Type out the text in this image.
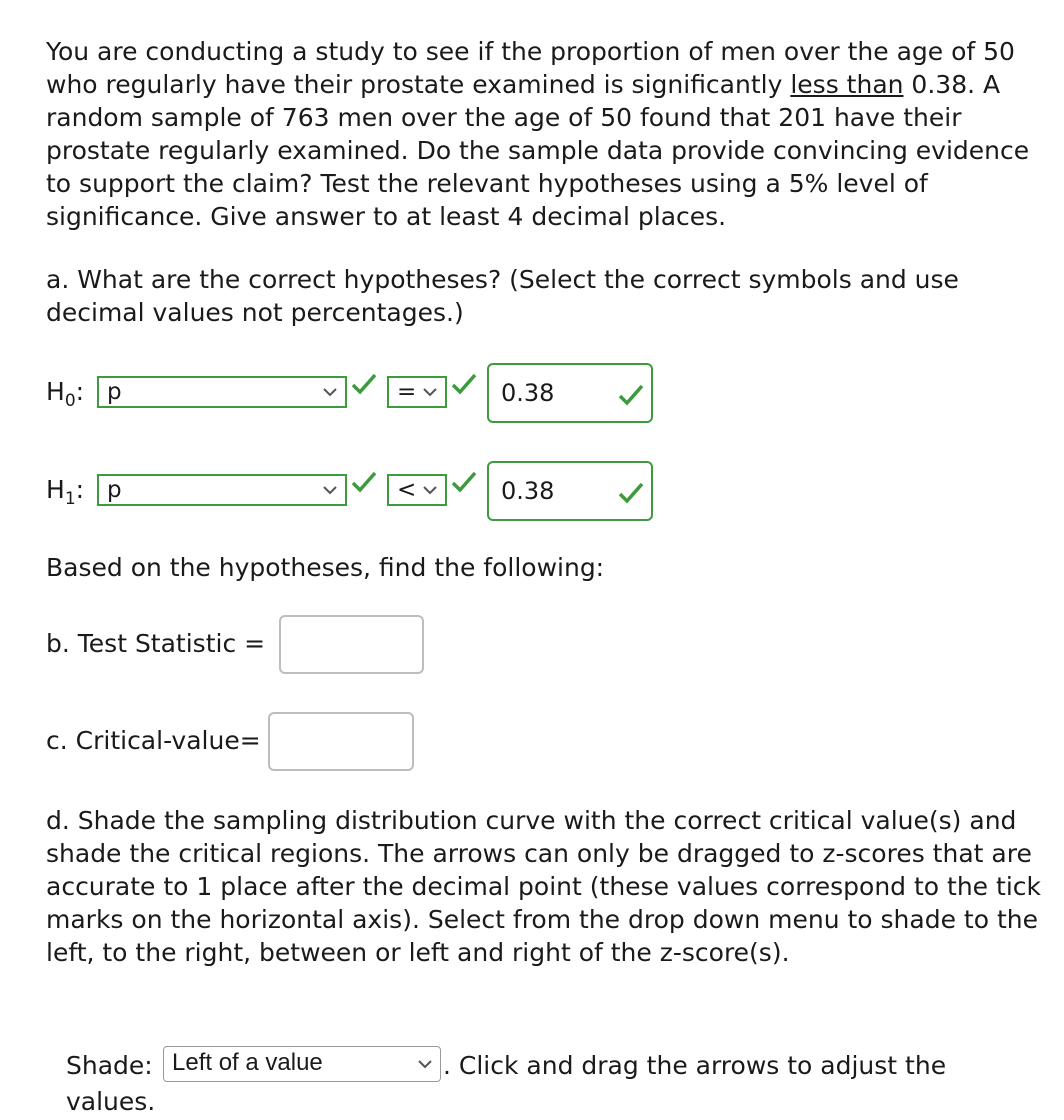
You are conducting a study to see if the proportion of men over the age of 50 who regularly have their prostate examined is significantly less than 0.38. A random sample of 763 men over the age of 50 found that 201 have their prostate regularly examined. Do the sample data provide convincing evidence to support the claim? Test the relevant hypotheses using a 5% level of significance. Give answer to at least 4 decimal places.

a. What are the correct hypotheses? (Select the correct symbols and use decimal values not percentages.)

$H_0$: p	=	0.38
$H_1$: p	<	0.38
Based on the hypotheses, find the following:
b. Test Statistic =
c. Critical-value=

d. Shade the sampling distribution curve with the correct critical value(s) and shade the critical regions. The arrows can only be dragged to z-scores that are accurate to 1 place after the decimal point (these values correspond to the tick marks on the horizontal axis). Select from the drop down menu to shade to the left, to the right, between or left and right of the z-score(s).

Shade: Left of a value	. Click and drag the arrows to adjust the values.
